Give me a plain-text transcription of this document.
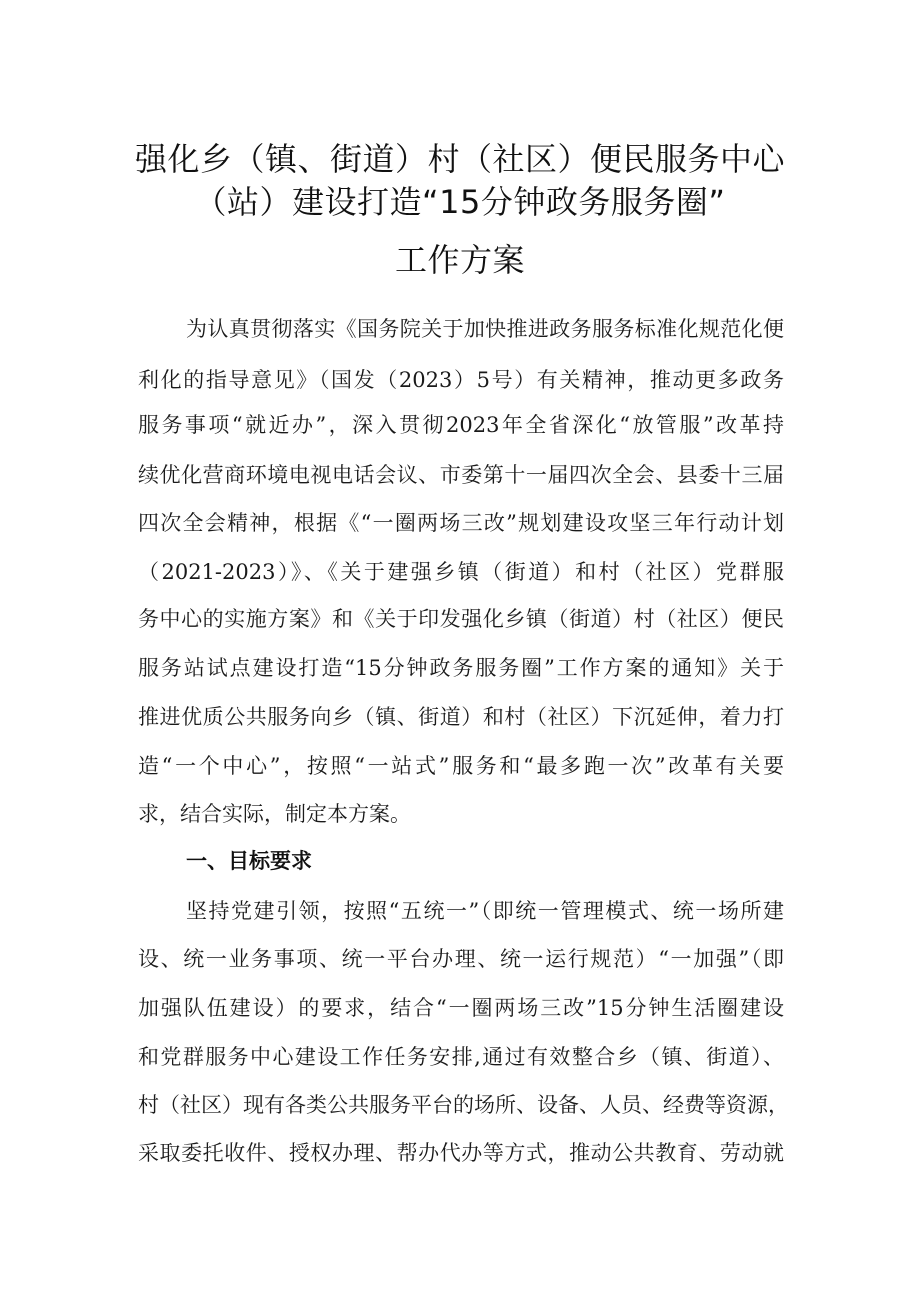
强化乡（镇、街道）村（社区）便民服务中心
（站）建设打造“15分钟政务服务圈”
工作方案
为认真贯彻落实《国务院关于加快推进政务服务标准化规范化便
利化的指导意见》（国发（2023）5号）有关精神，推动更多政务
服务事项“就近办”，深入贯彻2023年全省深化“放管服”改革持
续优化营商环境电视电话会议、市委第十一届四次全会、县委十三届
四次全会精神，根据《“一圈两场三改”规划建设攻坚三年行动计划
（2021-2023）》、《关于建强乡镇（街道）和村（社区）党群服
务中心的实施方案》和《关于印发强化乡镇（街道）村（社区）便民
服务站试点建设打造“15分钟政务服务圈”工作方案的通知》关于
推进优质公共服务向乡（镇、街道）和村（社区）下沉延伸，着力打
造“一个中心”，按照“一站式”服务和“最多跑一次”改革有关要
求，结合实际，制定本方案。
一、目标要求
坚持党建引领，按照“五统一”（即统一管理模式、统一场所建
设、统一业务事项、统一平台办理、统一运行规范）“一加强”（即
加强队伍建设）的要求，结合“一圈两场三改”15分钟生活圈建设
和党群服务中心建设工作任务安排,通过有效整合乡（镇、街道）、
村（社区）现有各类公共服务平台的场所、设备、人员、经费等资源，
采取委托收件、授权办理、帮办代办等方式，推动公共教育、劳动就
